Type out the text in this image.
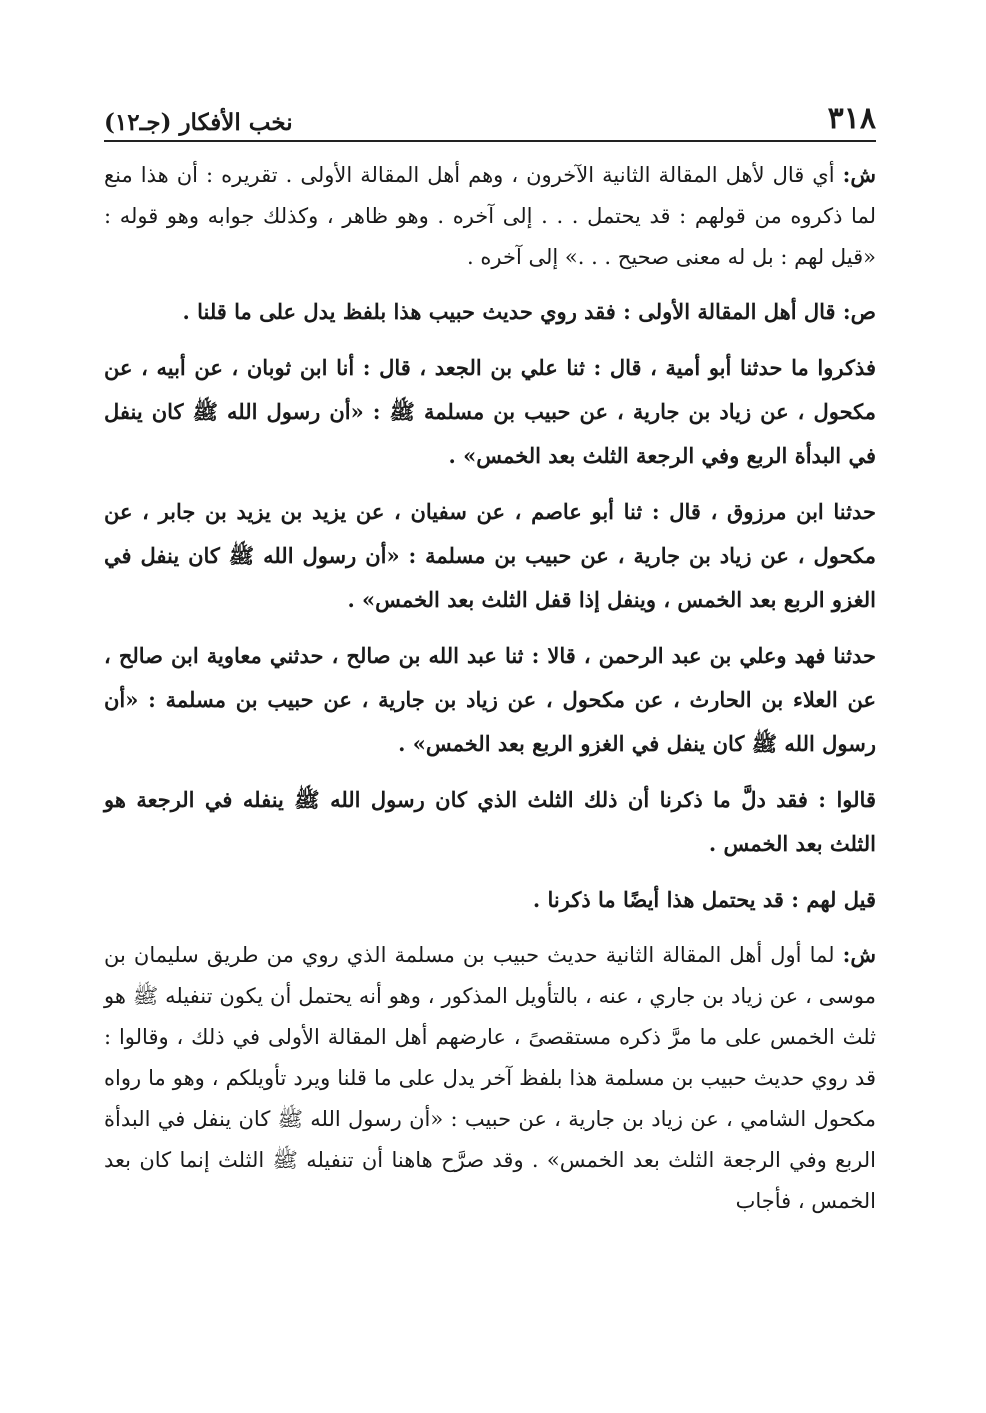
٣١٨
نخب الأفكار (جـ١٢)

ش: أي قال لأهل المقالة الثانية الآخرون ، وهم أهل المقالة الأولى . تقريره : أن هذا منع لما ذكروه من قولهم : قد يحتمل . . . إلى آخره . وهو ظاهر ، وكذلك جوابه وهو قوله : «قيل لهم : بل له معنى صحيح . . .» إلى آخره .

ص: قال أهل المقالة الأولى : فقد روي حديث حبيب هذا بلفظ يدل على ما قلنا .

فذكروا ما حدثنا أبو أمية ، قال : ثنا علي بن الجعد ، قال : أنا ابن ثوبان ، عن أبيه ، عن مكحول ، عن زياد بن جارية ، عن حبيب بن مسلمة ﷺ : «أن رسول الله ﷺ كان ينفل في البدأة الربع وفي الرجعة الثلث بعد الخمس» .

حدثنا ابن مرزوق ، قال : ثنا أبو عاصم ، عن سفيان ، عن يزيد بن يزيد بن جابر ، عن مكحول ، عن زياد بن جارية ، عن حبيب بن مسلمة : «أن رسول الله ﷺ كان ينفل في الغزو الربع بعد الخمس ، وينفل إذا قفل الثلث بعد الخمس» .

حدثنا فهد وعلي بن عبد الرحمن ، قالا : ثنا عبد الله بن صالح ، حدثني معاوية ابن صالح ، عن العلاء بن الحارث ، عن مكحول ، عن زياد بن جارية ، عن حبيب بن مسلمة : «أن رسول الله ﷺ كان ينفل في الغزو الربع بعد الخمس» .

قالوا : فقد دلَّ ما ذكرنا أن ذلك الثلث الذي كان رسول الله ﷺ ينفله في الرجعة هو الثلث بعد الخمس .

قيل لهم : قد يحتمل هذا أيضًا ما ذكرنا .

ش: لما أول أهل المقالة الثانية حديث حبيب بن مسلمة الذي روي من طريق سليمان بن موسى ، عن زياد بن جاري ، عنه ، بالتأويل المذكور ، وهو أنه يحتمل أن يكون تنفيله ﷺ هو ثلث الخمس على ما مرَّ ذكره مستقصىً ، عارضهم أهل المقالة الأولى في ذلك ، وقالوا : قد روي حديث حبيب بن مسلمة هذا بلفظ آخر يدل على ما قلنا ويرد تأويلكم ، وهو ما رواه مكحول الشامي ، عن زياد بن جارية ، عن حبيب : «أن رسول الله ﷺ كان ينفل في البدأة الربع وفي الرجعة الثلث بعد الخمس» . وقد صرَّح هاهنا أن تنفيله ﷺ الثلث إنما كان بعد الخمس ، فأجاب
